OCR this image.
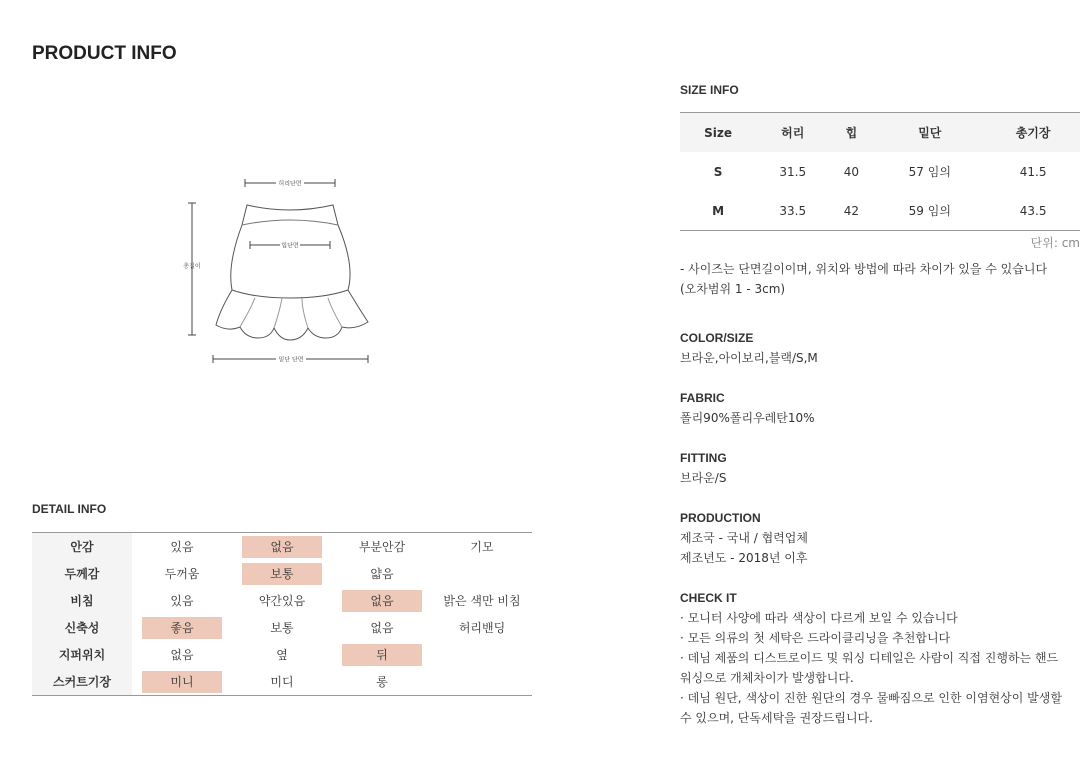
PRODUCT INFO
허리단면
힙단면
총길이
밑단 단면
DETAIL INFO
안감	있음	없음	부분안감	기모
두께감	두꺼움	보통	얇음	
비침	있음	약간있음	없음	밝은 색만 비침
신축성	좋음	보통	없음	허리밴딩
지퍼위치	없음	옆	뒤	
스커트기장	미니	미디	롱	
SIZE INFO
Size	허리	힙	밑단	총기장
S	31.5	40	57 임의	41.5
M	33.5	42	59 임의	43.5
단위: cm
- 사이즈는 단면길이이며, 위치와 방법에 따라 차이가 있을 수 있습니다
(오차범위 1 - 3cm)
COLOR/SIZE
브라운,아이보리,블랙/S,M
FABRIC
폴리90%폴리우레탄10%
FITTING
브라운/S
PRODUCTION
제조국 - 국내 / 협력업체
제조년도 - 2018년 이후
CHECK IT
· 모니터 사양에 따라 색상이 다르게 보일 수 있습니다
· 모든 의류의 첫 세탁은 드라이클리닝을 추천합니다
· 데님 제품의 디스트로이드 및 워싱 디테일은 사람이 직접 진행하는 핸드
워싱으로 개체차이가 발생합니다.
· 데님 원단, 색상이 진한 원단의 경우 물빠짐으로 인한 이염현상이 발생할
수 있으며, 단독세탁을 권장드립니다.
